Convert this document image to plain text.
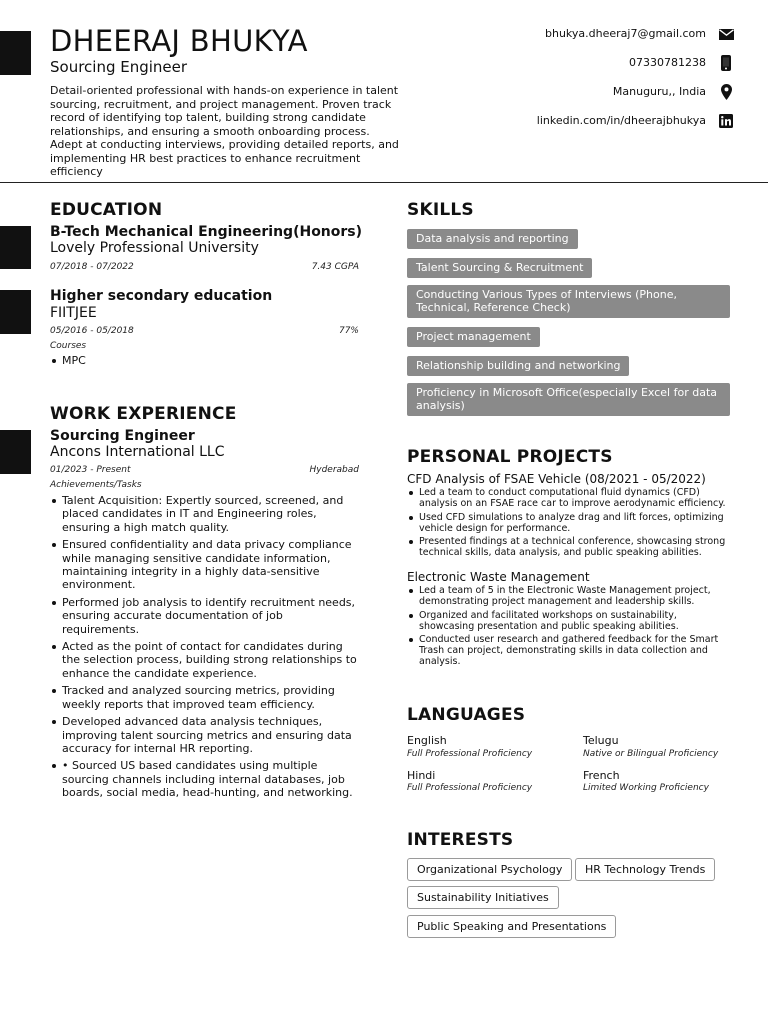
DHEERAJ BHUKYA
Sourcing Engineer
Detail-oriented professional with hands-on experience in talent sourcing, recruitment, and project management. Proven track record of identifying top talent, building strong candidate relationships, and ensuring a smooth onboarding process. Adept at conducting interviews, providing detailed reports, and implementing HR best practices to enhance recruitment efficiency
bhukya.dheeraj7@gmail.com
07330781238
Manuguru,, India
linkedin.com/in/dheerajbhukya
EDUCATION
B-Tech Mechanical Engineering(Honors)
Lovely Professional University
07/2018 - 07/2022	7.43 CGPA
Higher secondary education
FIITJEE
05/2016 - 05/2018	77%
Courses
MPC
WORK EXPERIENCE
Sourcing Engineer
Ancons International LLC
01/2023 - Present	Hyderabad
Achievements/Tasks
Talent Acquisition: Expertly sourced, screened, and placed candidates in IT and Engineering roles, ensuring a high match quality.
Ensured confidentiality and data privacy compliance while managing sensitive candidate information, maintaining integrity in a highly data-sensitive environment.
Performed job analysis to identify recruitment needs, ensuring accurate documentation of job requirements.
Acted as the point of contact for candidates during the selection process, building strong relationships to enhance the candidate experience.
Tracked and analyzed sourcing metrics, providing weekly reports that improved team efficiency.
Developed advanced data analysis techniques, improving talent sourcing metrics and ensuring data accuracy for internal HR reporting.
• Sourced US based candidates using multiple sourcing channels including internal databases, job boards, social media, head-hunting, and networking.
SKILLS
Data analysis and reporting
Talent Sourcing & Recruitment
Conducting Various Types of Interviews (Phone, Technical, Reference Check)
Project management
Relationship building and networking
Proficiency in Microsoft Office(especially Excel for data analysis)
PERSONAL PROJECTS
CFD Analysis of FSAE Vehicle (08/2021 - 05/2022)
Led a team to conduct computational fluid dynamics (CFD) analysis on an FSAE race car to improve aerodynamic efficiency.
Used CFD simulations to analyze drag and lift forces, optimizing vehicle design for performance.
Presented findings at a technical conference, showcasing strong technical skills, data analysis, and public speaking abilities.
Electronic Waste Management
Led a team of 5 in the Electronic Waste Management project, demonstrating project management and leadership skills.
Organized and facilitated workshops on sustainability, showcasing presentation and public speaking abilities.
Conducted user research and gathered feedback for the Smart Trash can project, demonstrating skills in data collection and analysis.
LANGUAGES
English
Full Professional Proficiency
Telugu
Native or Bilingual Proficiency
Hindi
Full Professional Proficiency
French
Limited Working Proficiency
INTERESTS
Organizational Psychology	HR Technology Trends
Sustainability Initiatives
Public Speaking and Presentations
